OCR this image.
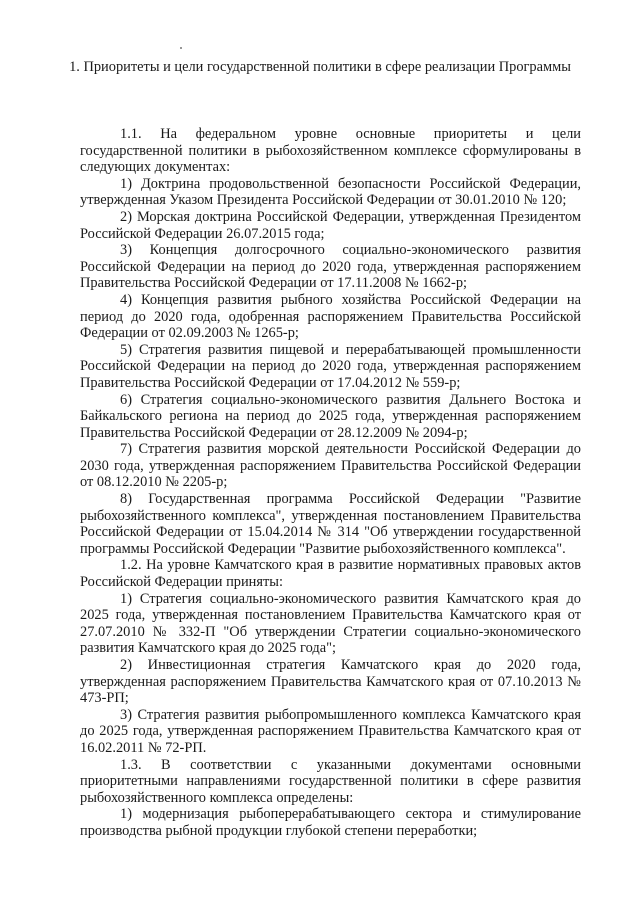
1. Приоритеты и цели государственной политики в сфере реализации Программы

1.1. На федеральном уровне основные приоритеты и цели государственной политики в рыбохозяйственном комплексе сформулированы в следующих документах:

1) Доктрина продовольственной безопасности Российской Федерации, утвержденная Указом Президента Российской Федерации от 30.01.2010 № 120;

2) Морская доктрина Российской Федерации, утвержденная Президентом Российской Федерации 26.07.2015 года;

3) Концепция долгосрочного социально-экономического развития Российской Федерации на период до 2020 года, утвержденная распоряжением Правительства Российской Федерации от 17.11.2008 № 1662-р;

4) Концепция развития рыбного хозяйства Российской Федерации на период до 2020 года, одобренная распоряжением Правительства Российской Федерации от 02.09.2003 № 1265-р;

5) Стратегия развития пищевой и перерабатывающей промышленности Российской Федерации на период до 2020 года, утвержденная распоряжением Правительства Российской Федерации от 17.04.2012 № 559-р;

6) Стратегия социально-экономического развития Дальнего Востока и Байкальского региона на период до 2025 года, утвержденная распоряжением Правительства Российской Федерации от 28.12.2009 № 2094-р;

7) Стратегия развития морской деятельности Российской Федерации до 2030 года, утвержденная распоряжением Правительства Российской Федерации от 08.12.2010 № 2205-р;

8) Государственная программа Российской Федерации "Развитие рыбохозяйственного комплекса", утвержденная постановлением Правительства Российской Федерации от 15.04.2014 № 314 "Об утверждении государственной программы Российской Федерации "Развитие рыбохозяйственного комплекса".

1.2. На уровне Камчатского края в развитие нормативных правовых актов Российской Федерации приняты:

1) Стратегия социально-экономического развития Камчатского края до 2025 года, утвержденная постановлением Правительства Камчатского края от 27.07.2010 № 332-П "Об утверждении Стратегии социально-экономического развития Камчатского края до 2025 года";

2) Инвестиционная стратегия Камчатского края до 2020 года, утвержденная распоряжением Правительства Камчатского края от 07.10.2013 № 473-РП;

3) Стратегия развития рыбопромышленного комплекса Камчатского края до 2025 года, утвержденная распоряжением Правительства Камчатского края от 16.02.2011 № 72-РП.

1.3. В соответствии с указанными документами основными приоритетными направлениями государственной политики в сфере развития рыбохозяйственного комплекса определены:

1) модернизация рыбоперерабатывающего сектора и стимулирование производства рыбной продукции глубокой степени переработки;
